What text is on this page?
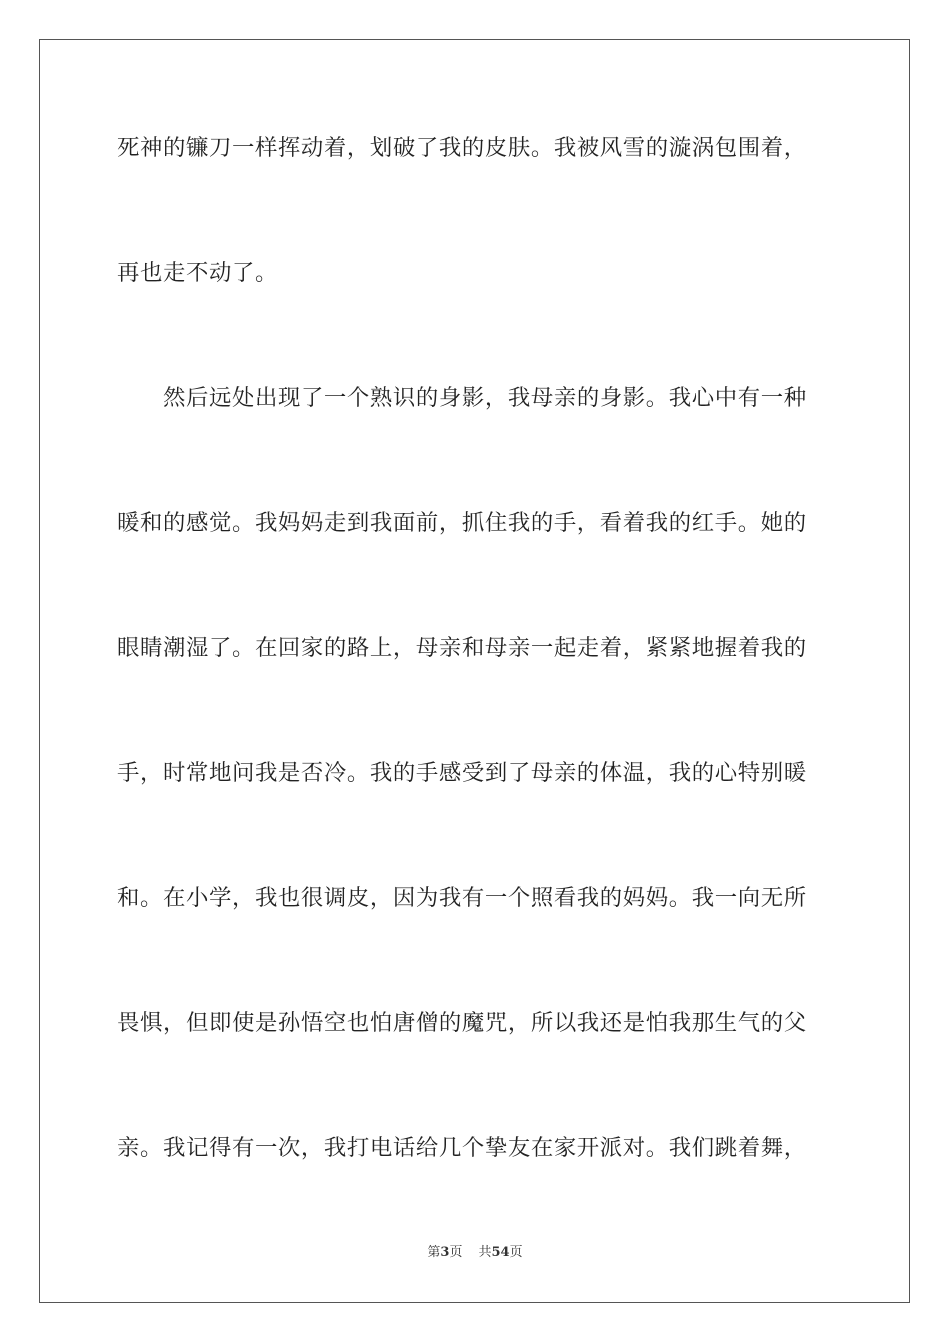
死神的镰刀一样挥动着，划破了我的皮肤。我被风雪的漩涡包围着，
再也走不动了。
然后远处出现了一个熟识的身影，我母亲的身影。我心中有一种
暖和的感觉。我妈妈走到我面前，抓住我的手，看着我的红手。她的
眼睛潮湿了。在回家的路上，母亲和母亲一起走着，紧紧地握着我的
手，时常地问我是否冷。我的手感受到了母亲的体温，我的心特别暖
和。在小学，我也很调皮，因为我有一个照看我的妈妈。我一向无所
畏惧，但即使是孙悟空也怕唐僧的魔咒，所以我还是怕我那生气的父
亲。我记得有一次，我打电话给几个挚友在家开派对。我们跳着舞，
第3页 共54页
